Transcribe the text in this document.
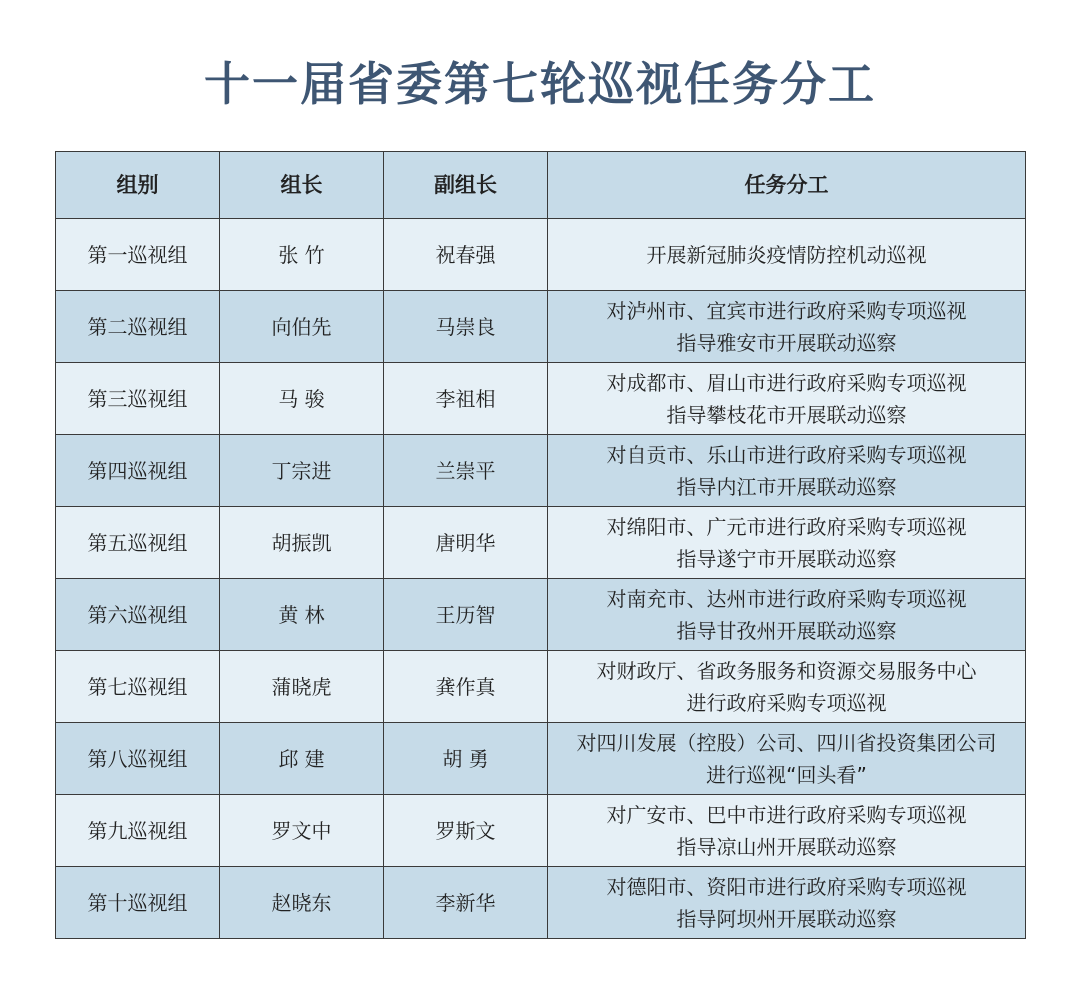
十一届省委第七轮巡视任务分工
组别	组长	副组长	任务分工
第一巡视组	张 竹	祝春强	开展新冠肺炎疫情防控机动巡视

第二巡视组	向伯先	马崇良	对泸州市、宜宾市进行政府采购专项巡视
指导雅安市开展联动巡察

第三巡视组	马 骏	李祖相	对成都市、眉山市进行政府采购专项巡视
指导攀枝花市开展联动巡察

第四巡视组	丁宗进	兰崇平	对自贡市、乐山市进行政府采购专项巡视
指导内江市开展联动巡察

第五巡视组	胡振凯	唐明华	对绵阳市、广元市进行政府采购专项巡视
指导遂宁市开展联动巡察

第六巡视组	黄 林	王历智	对南充市、达州市进行政府采购专项巡视
指导甘孜州开展联动巡察

第七巡视组	蒲晓虎	龚作真	对财政厅、省政务服务和资源交易服务中心
进行政府采购专项巡视

第八巡视组	邱 建	胡 勇	对四川发展（控股）公司、四川省投资集团公司
进行巡视“回头看”

第九巡视组	罗文中	罗斯文	对广安市、巴中市进行政府采购专项巡视
指导凉山州开展联动巡察

第十巡视组	赵晓东	李新华	对德阳市、资阳市进行政府采购专项巡视
指导阿坝州开展联动巡察
